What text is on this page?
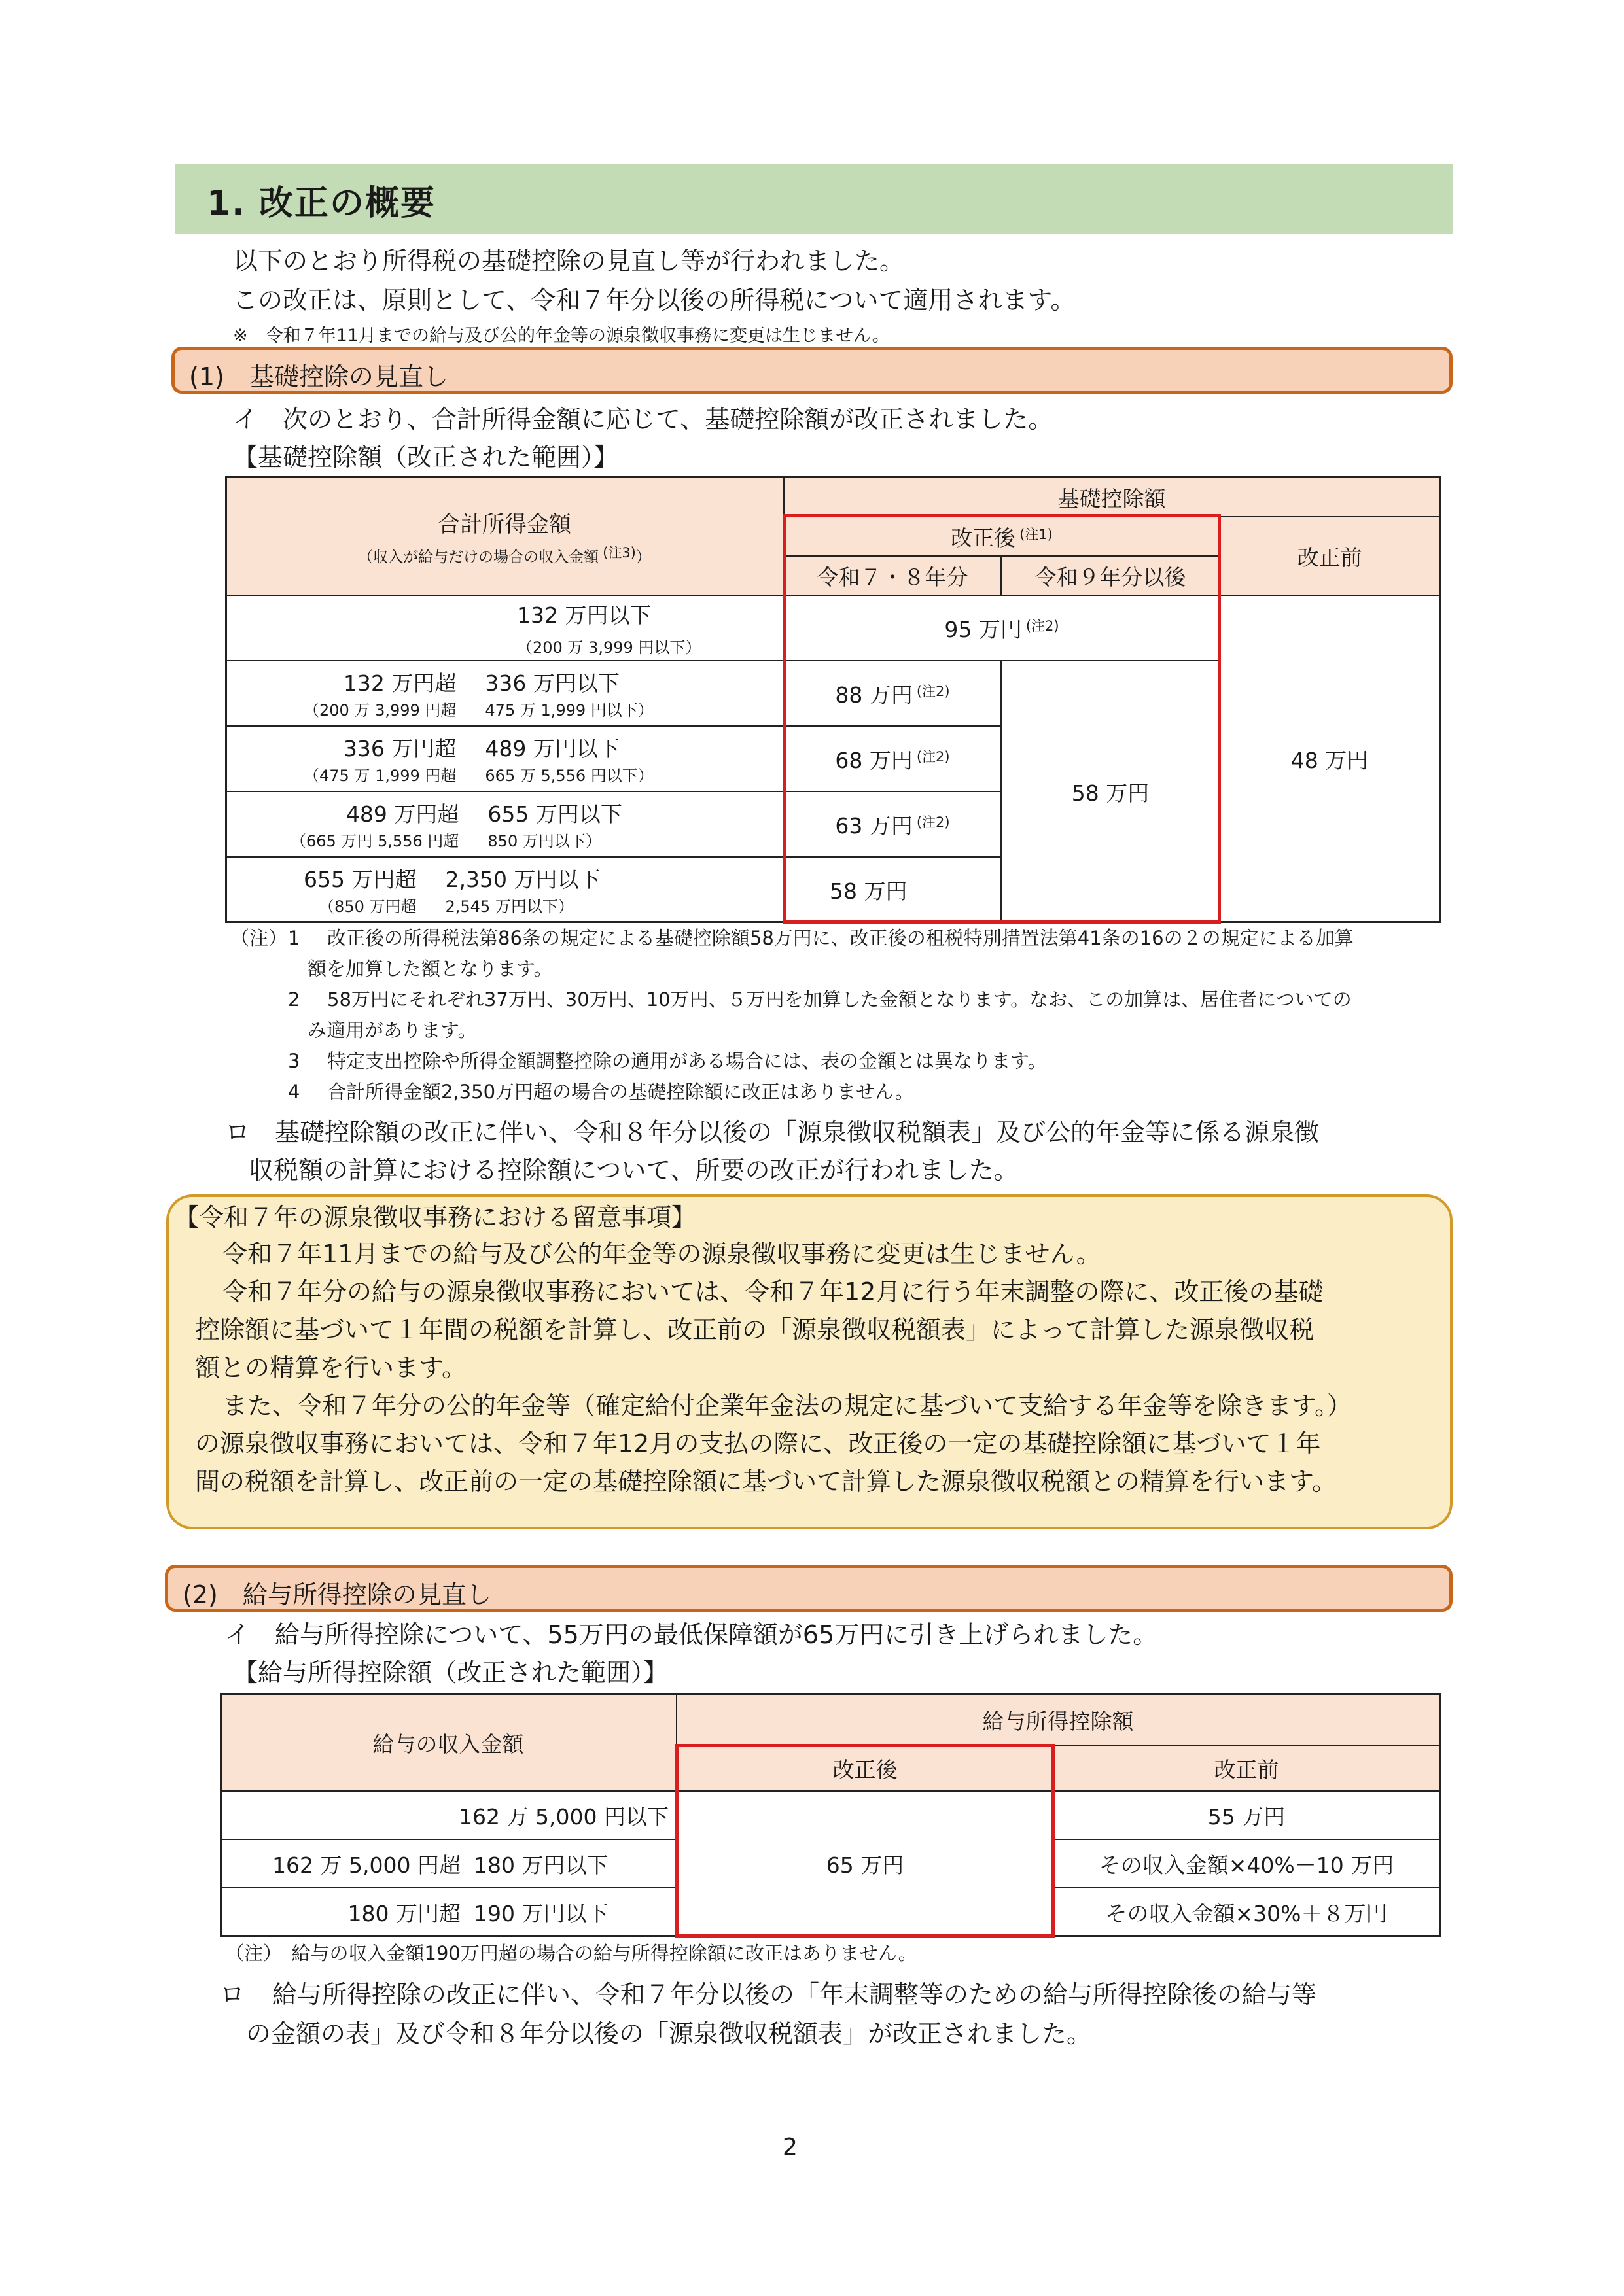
1. 改正の概要
以下のとおり所得税の基礎控除の見直し等が行われました。
この改正は、原則として、令和７年分以後の所得税について適用されます。
※　令和７年11月までの給与及び公的年金等の源泉徴収事務に変更は生じません。
(1)　基礎控除の見直し
イ　次のとおり、合計所得金額に応じて、基礎控除額が改正されました。
【基礎控除額（改正された範囲）】
合計所得金額
（収入が給与だけの場合の収入金額 $^{(注3)}$）
基礎控除額
改正後 $^{(注1)}$
令和７・８年分	令和９年分以後
改正前
132 万円以下
（200 万 3,999 円以下）
132 万円超 336 万円以下
（200 万 3,999 円超 475 万 1,999 円以下）
336 万円超 489 万円以下
（475 万 1,999 円超 665 万 5,556 円以下）
489 万円超 655 万円以下
（665 万円 5,556 円超 850 万円以下）
655 万円超 2,350 万円以下
（850 万円超 2,545 万円以下）
95 万円 $^{(注2)}$
88 万円 $^{(注2)}$
68 万円 $^{(注2)}$
63 万円 $^{(注2)}$
58 万円
58 万円
48 万円
（注） 1 改正後の所得税法第86条の規定による基礎控除額58万円に、改正後の租税特別措置法第41条の16の２の規定による加算
額を加算した額となります。
2 58万円にそれぞれ37万円、30万円、10万円、５万円を加算した金額となります。なお、この加算は、居住者についての
み適用があります。
3 特定支出控除や所得金額調整控除の適用がある場合には、表の金額とは異なります。
4 合計所得金額2,350万円超の場合の基礎控除額に改正はありません。
ロ 基礎控除額の改正に伴い、令和８年分以後の「源泉徴収税額表」及び公的年金等に係る源泉徴
収税額の計算における控除額について、所要の改正が行われました。
【令和７年の源泉徴収事務における留意事項】
令和７年11月までの給与及び公的年金等の源泉徴収事務に変更は生じません。
令和７年分の給与の源泉徴収事務においては、令和７年12月に行う年末調整の際に、改正後の基礎
控除額に基づいて１年間の税額を計算し、改正前の「源泉徴収税額表」によって計算した源泉徴収税
額との精算を行います。
また、令和７年分の公的年金等（確定給付企業年金法の規定に基づいて支給する年金等を除きます。）
の源泉徴収事務においては、令和７年12月の支払の際に、改正後の一定の基礎控除額に基づいて１年
間の税額を計算し、改正前の一定の基礎控除額に基づいて計算した源泉徴収税額との精算を行います。
(2)　給与所得控除の見直し
イ　給与所得控除について、55万円の最低保障額が65万円に引き上げられました。
【給与所得控除額（改正された範囲）】
給与の収入金額
給与所得控除額
改正後	改正前
162 万 5,000 円以下
162 万 5,000 円超 180 万円以下
180 万円超 190 万円以下
65 万円
55 万円
その収入金額×40%－10 万円
その収入金額×30%＋８万円
（注）　給与の収入金額190万円超の場合の給与所得控除額に改正はありません。
ロ 給与所得控除の改正に伴い、令和７年分以後の「年末調整等のための給与所得控除後の給与等
の金額の表」及び令和８年分以後の「源泉徴収税額表」が改正されました。
2
